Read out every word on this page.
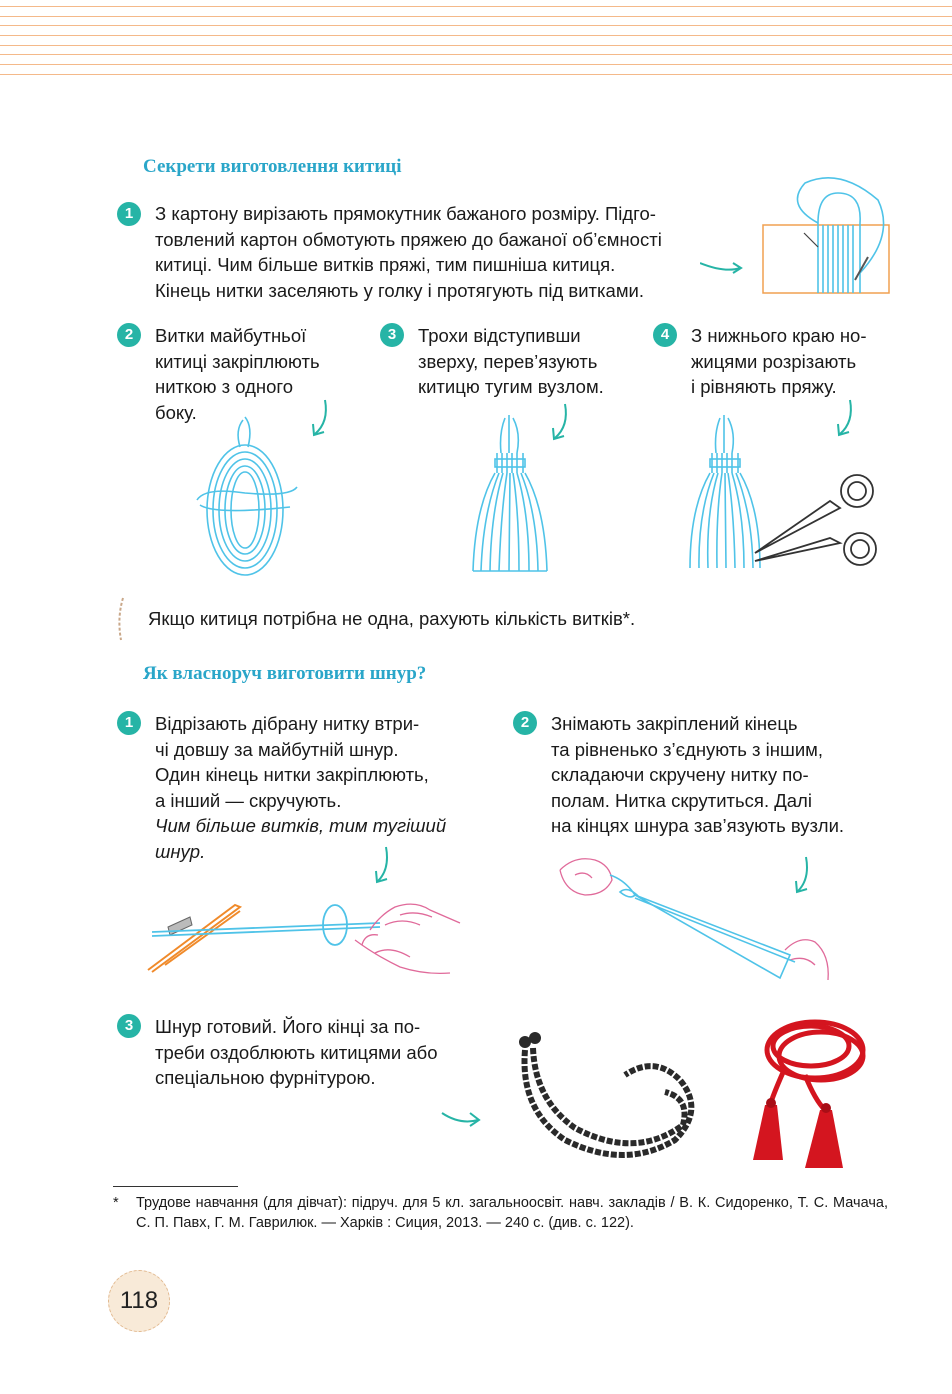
Секрети виготовлення китиці
1	З картону вирізають прямокутник бажаного розміру. Підго-
товлений картон обмотують пряжею до бажаної об’ємності
китиці. Чим більше витків пряжі, тим пишніша китиця.
Кінець нитки заселяють у голку і протягують під витками.
2	Витки майбутньої
китиці закріплюють
ниткою з одного
боку.
3	Трохи відступивши
зверху, перев’язують
китицю тугим вузлом.
4	З нижнього краю но-
жицями розрізають
і рівняють пряжу.
Якщо китиця потрібна не одна, рахують кількість витків*.
Як власноруч виготовити шнур?
1	Відрізають дібрану нитку втри-
чі довшу за майбутній шнур.
Один кінець нитки закріплюють,
а інший — скручують.
Чим більше витків, тим тугіший
шнур.
2	Знімають закріплений кінець
та рівненько з’єднують з іншим,
складаючи скручену нитку по-
полам. Нитка скрутиться. Далі
на кінцях шнура зав’язують вузли.
3	Шнур готовий. Його кінці за по-
треби оздоблюють китицями або
спеціальною фурнітурою.
* Трудове навчання (для дівчат): підруч. для 5 кл. загальноосвіт. навч. закладів / В. К. Сидоренко, Т. С. Мачача, С. П. Павх, Г. М. Гаврилюк. — Харків : Сиция, 2013. — 240 с. (див. с. 122).
118
